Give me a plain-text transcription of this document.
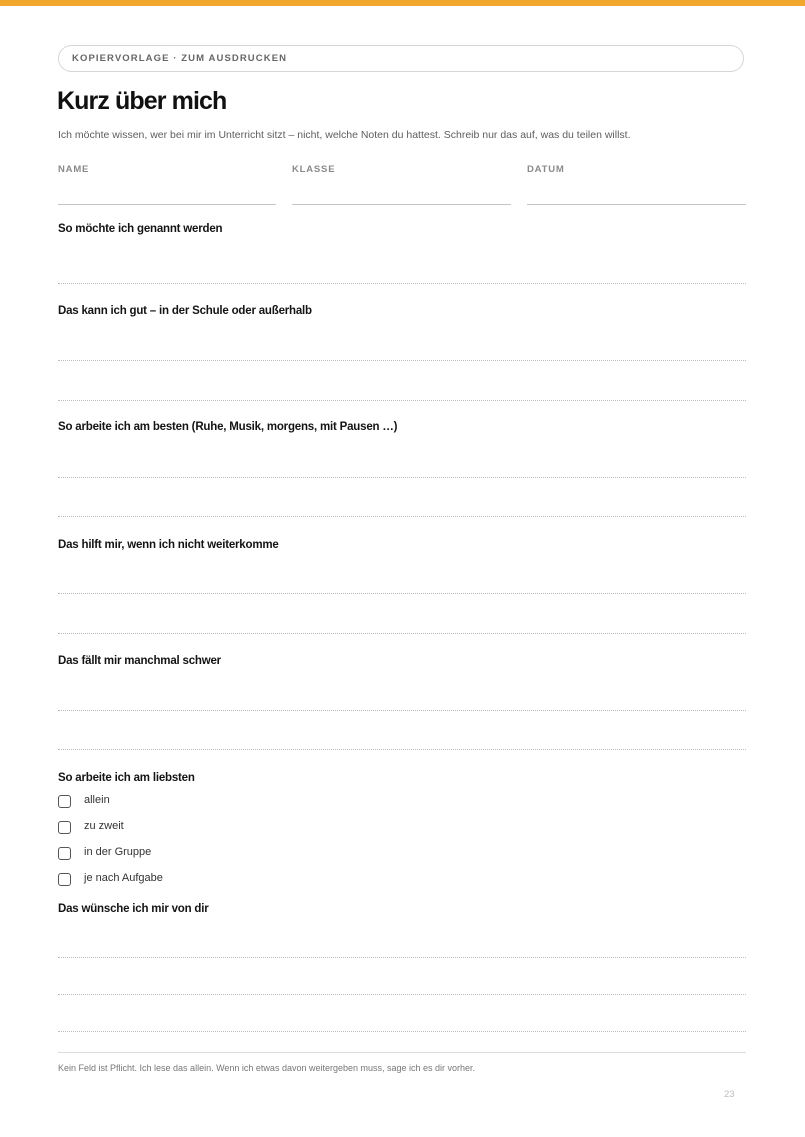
KOPIERVORLAGE · ZUM AUSDRUCKEN
Kurz über mich

Ich möchte wissen, wer bei mir im Unterricht sitzt – nicht, welche Noten du hattest. Schreib nur das auf, was du teilen willst.

NAME	KLASSE	DATUM

So möchte ich genannt werden

Das kann ich gut – in der Schule oder außerhalb

So arbeite ich am besten (Ruhe, Musik, morgens, mit Pausen …)

Das hilft mir, wenn ich nicht weiterkomme

Das fällt mir manchmal schwer

So arbeite ich am liebsten

allein
zu zweit
in der Gruppe
je nach Aufgabe

Das wünsche ich mir von dir

Kein Feld ist Pflicht. Ich lese das allein. Wenn ich etwas davon weitergeben muss, sage ich es dir vorher.

23
